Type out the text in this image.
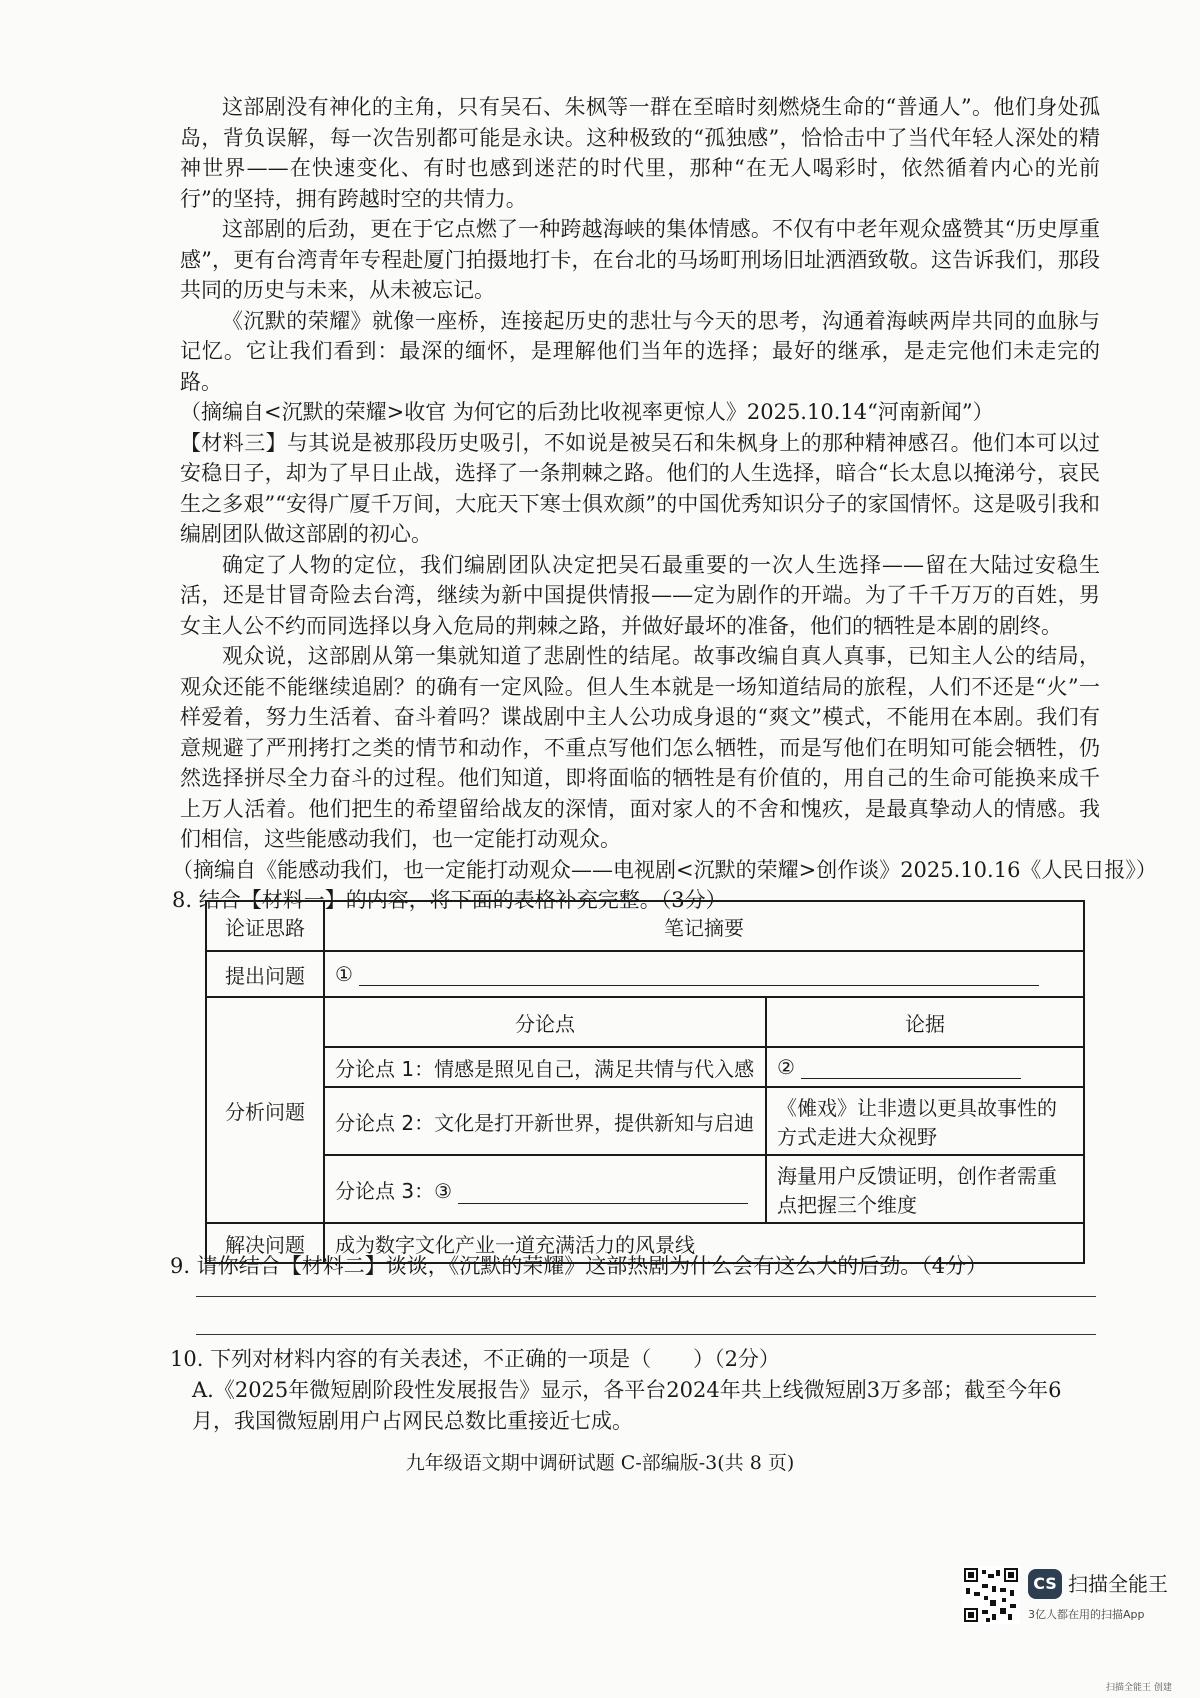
这部剧没有神化的主角，只有吴石、朱枫等一群在至暗时刻燃烧生命的“普通人”。他们身处孤岛，背负误解，每一次告别都可能是永诀。这种极致的“孤独感”，恰恰击中了当代年轻人深处的精神世界——在快速变化、有时也感到迷茫的时代里，那种“在无人喝彩时，依然循着内心的光前行”的坚持，拥有跨越时空的共情力。

这部剧的后劲，更在于它点燃了一种跨越海峡的集体情感。不仅有中老年观众盛赞其“历史厚重感”，更有台湾青年专程赴厦门拍摄地打卡，在台北的马场町刑场旧址洒酒致敬。这告诉我们，那段共同的历史与未来，从未被忘记。

《沉默的荣耀》就像一座桥，连接起历史的悲壮与今天的思考，沟通着海峡两岸共同的血脉与记忆。它让我们看到：最深的缅怀，是理解他们当年的选择；最好的继承，是走完他们未走完的路。

（摘编自<沉默的荣耀>收官 为何它的后劲比收视率更惊人》2025.10.14“河南新闻”）

【材料三】与其说是被那段历史吸引，不如说是被吴石和朱枫身上的那种精神感召。他们本可以过安稳日子，却为了早日止战，选择了一条荆棘之路。他们的人生选择，暗合“长太息以掩涕兮，哀民生之多艰”“安得广厦千万间，大庇天下寒士俱欢颜”的中国优秀知识分子的家国情怀。这是吸引我和编剧团队做这部剧的初心。

确定了人物的定位，我们编剧团队决定把吴石最重要的一次人生选择——留在大陆过安稳生活，还是甘冒奇险去台湾，继续为新中国提供情报——定为剧作的开端。为了千千万万的百姓，男女主人公不约而同选择以身入危局的荆棘之路，并做好最坏的准备，他们的牺牲是本剧的剧终。

观众说，这部剧从第一集就知道了悲剧性的结尾。故事改编自真人真事，已知主人公的结局，观众还能不能继续追剧？的确有一定风险。但人生本就是一场知道结局的旅程，人们不还是“火”一样爱着，努力生活着、奋斗着吗？谍战剧中主人公功成身退的“爽文”模式，不能用在本剧。我们有意规避了严刑拷打之类的情节和动作，不重点写他们怎么牺牲，而是写他们在明知可能会牺牲，仍然选择拼尽全力奋斗的过程。他们知道，即将面临的牺牲是有价值的，用自己的生命可能换来成千上万人活着。他们把生的希望留给战友的深情，面对家人的不舍和愧疚，是最真挚动人的情感。我们相信，这些能感动我们，也一定能打动观众。

（摘编自《能感动我们，也一定能打动观众——电视剧<沉默的荣耀>创作谈》2025.10.16《人民日报》）

8. 结合【材料一】的内容，将下面的表格补充完整。（3分）

论证思路	笔记摘要	
提出问题	①	
分析问题	分论点	论据
	分论点 1：情感是照见自己，满足共情与代入感	②
	分论点 2：文化是打开新世界，提供新知与启迪	《傩戏》让非遗以更具故事性的方式走进大众视野
	分论点 3：③	海量用户反馈证明，创作者需重点把握三个维度
解决问题	成为数字文化产业一道充满活力的风景线	
9. 请你结合【材料二】谈谈，《沉默的荣耀》这部热剧为什么会有这么大的后劲。（4分）

10. 下列对材料内容的有关表述，不正确的一项是（　　）（2分）

A.《2025年微短剧阶段性发展报告》显示，各平台2024年共上线微短剧3万多部；截至今年6月，我国微短剧用户占网民总数比重接近七成。

九年级语文期中调研试题 C-部编版-3(共 8 页)
CS 扫描全能王
3亿人都在用的扫描App
扫描全能王 创建
